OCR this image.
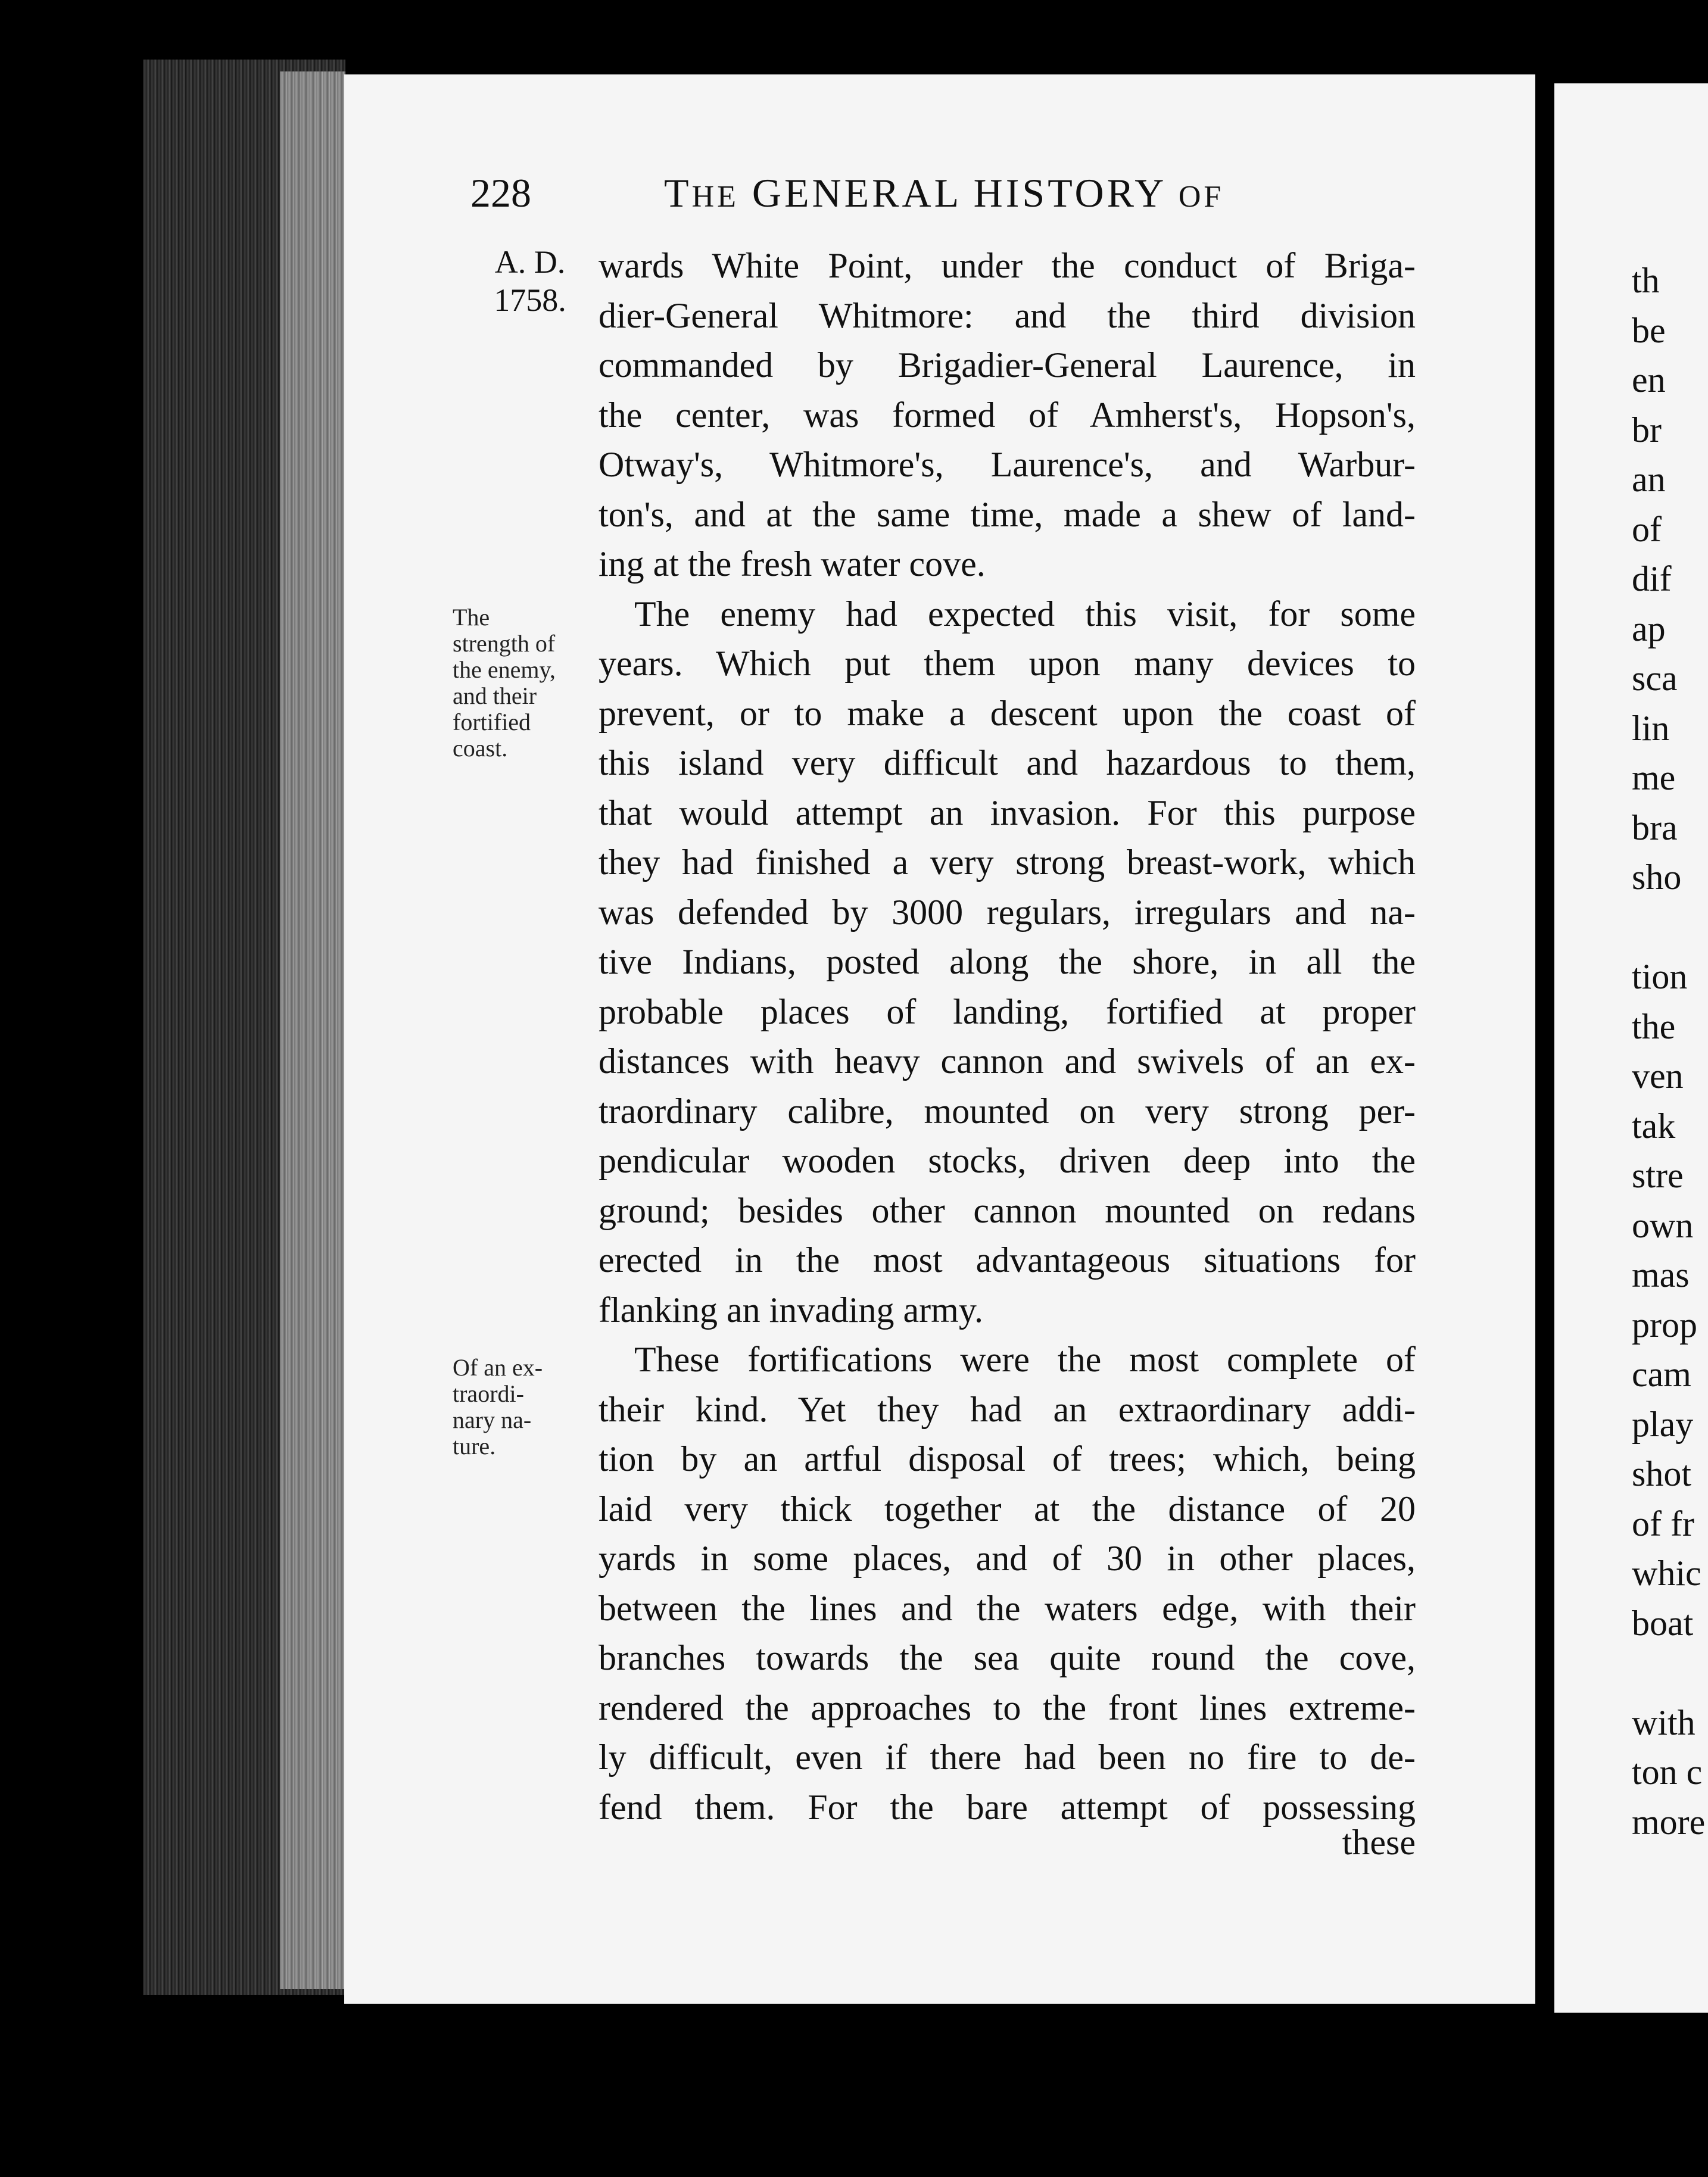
228	THE GENERAL HISTORY OF
A. D.
1758.
The
strength of
the enemy,
and their
fortified
coast.
Of an ex-
traordi-
nary na-
ture.
wards White Point, under the conduct of Briga-
dier-General Whitmore: and the third division
commanded by Brigadier-General Laurence, in
the center, was formed of Amherst's, Hopson's,
Otway's, Whitmore's, Laurence's, and Warbur-
ton's, and at the same time, made a shew of land-
ing at the fresh water cove.
The enemy had expected this visit, for some
years. Which put them upon many devices to
prevent, or to make a descent upon the coast of
this island very difficult and hazardous to them,
that would attempt an invasion. For this purpose
they had finished a very strong breast-work, which
was defended by 3000 regulars, irregulars and na-
tive Indians, posted along the shore, in all the
probable places of landing, fortified at proper
distances with heavy cannon and swivels of an ex-
traordinary calibre, mounted on very strong per-
pendicular wooden stocks, driven deep into the
ground; besides other cannon mounted on redans
erected in the most advantageous situations for
flanking an invading army.
These fortifications were the most complete of
their kind. Yet they had an extraordinary addi-
tion by an artful disposal of trees; which, being
laid very thick together at the distance of 20
yards in some places, and of 30 in other places,
between the lines and the waters edge, with their
branches towards the sea quite round the cove,
rendered the approaches to the front lines extreme-
ly difficult, even if there had been no fire to de-
fend them. For the bare attempt of possessing
these
th
be
en
br
an
of
dif
ap
sca
lin
me
bra
sho
tion
the
ven
tak
stre
own
mas
prop
cam
play
shot
of fr
whic
boat
with
ton c
more
